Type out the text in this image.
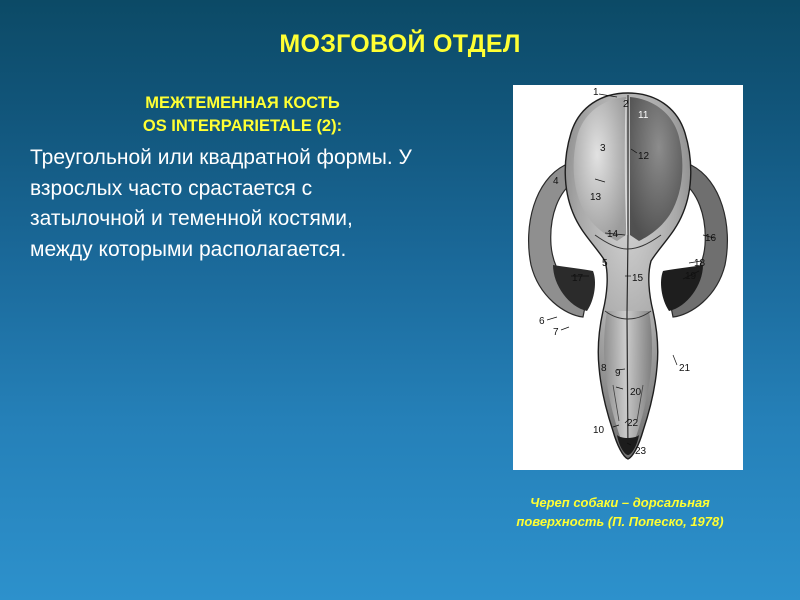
МОЗГОВОЙ ОТДЕЛ
МЕЖТЕМЕННАЯ КОСТЬ
OS INTERPARIETALE (2):
Треугольной или квадратной формы. У взрослых часто срастается с затылочной и теменной костями, между которыми располагается.
1
2
11
3
12
4
13
14	16
5	18
17	15	19
6
7
8 9	21
20
22
10
23
Череп собаки – дорсальная
поверхность (П. Попеско, 1978)
